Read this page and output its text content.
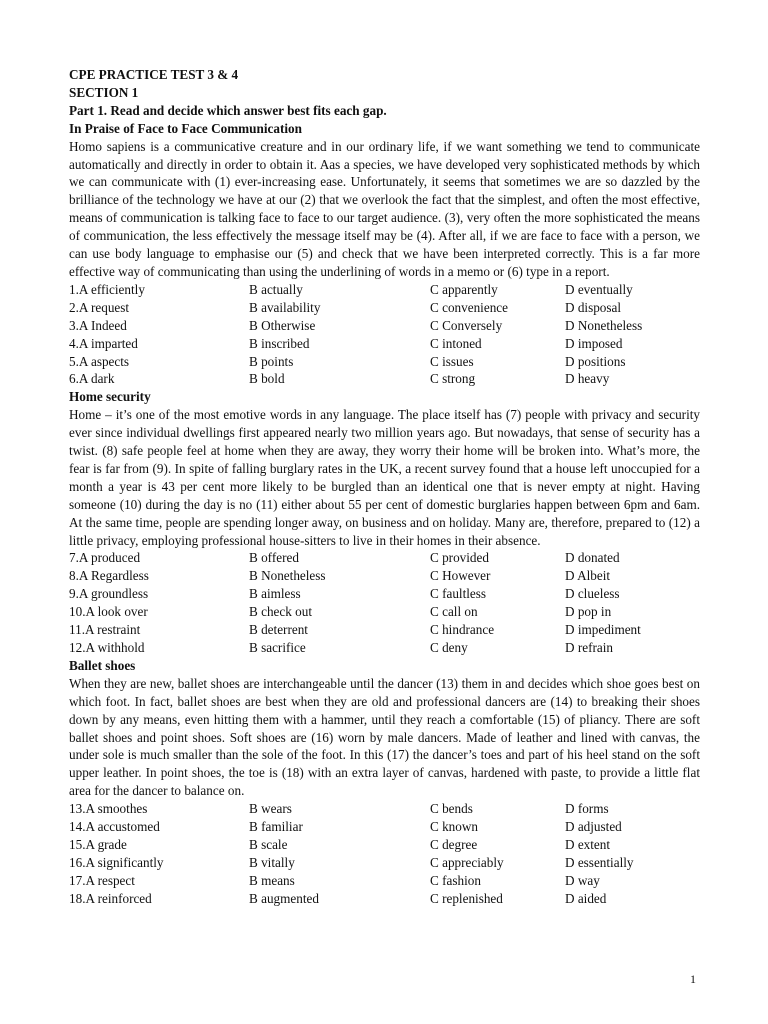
CPE PRACTICE TEST 3 & 4

SECTION 1

Part 1. Read and decide which answer best fits each gap.

In Praise of Face to Face Communication

Homo sapiens is a communicative creature and in our ordinary life, if we want something we tend to communicate automatically and directly in order to obtain it. Aas a species, we have developed very sophisticated methods by which we can communicate with (1) ever-increasing ease. Unfortunately, it seems that sometimes we are so dazzled by the brilliance of the technology we have at our (2) that we overlook the fact that the simplest, and often the most effective, means of communication is talking face to face to our target audience. (3), very often the more sophisticated the means of communication, the less effectively the message itself may be (4). After all, if we are face to face with a person, we can use body language to emphasise our (5) and check that we have been interpreted correctly. This is a far more effective way of communicating than using the underlining of words in a memo or (6) type in a report.

1.A efficiently	B actually	C apparently	D eventually
2.A request	B availability	C convenience	D disposal
3.A Indeed	B Otherwise	C Conversely	D Nonetheless
4.A imparted	B inscribed	C intoned	D imposed
5.A aspects	B points	C issues	D positions
6.A dark	B bold	C strong	D heavy

Home security

Home – it’s one of the most emotive words in any language. The place itself has (7) people with privacy and security ever since individual dwellings first appeared nearly two million years ago. But nowadays, that sense of security has a twist. (8) safe people feel at home when they are away, they worry their home will be broken into. What’s more, the fear is far from (9). In spite of falling burglary rates in the UK, a recent survey found that a house left unoccupied for a month a year is 43 per cent more likely to be burgled than an identical one that is never empty at night. Having someone (10) during the day is no (11) either about 55 per cent of domestic burglaries happen between 6pm and 6am. At the same time, people are spending longer away, on business and on holiday. Many are, therefore, prepared to (12) a little privacy, employing professional house-sitters to live in their homes in their absence.

7.A produced	B offered	C provided	D donated
8.A Regardless	B Nonetheless	C However	D Albeit
9.A groundless	B aimless	C faultless	D clueless
10.A look over	B check out	C call on	D pop in
11.A restraint	B deterrent	C hindrance	D impediment
12.A withhold	B sacrifice	C deny	D refrain

Ballet shoes

When they are new, ballet shoes are interchangeable until the dancer (13) them in and decides which shoe goes best on which foot. In fact, ballet shoes are best when they are old and professional dancers are (14) to breaking their shoes down by any means, even hitting them with a hammer, until they reach a comfortable (15) of pliancy. There are soft ballet shoes and point shoes. Soft shoes are (16) worn by male dancers. Made of leather and lined with canvas, the under sole is much smaller than the sole of the foot. In this (17) the dancer’s toes and part of his heel stand on the soft upper leather. In point shoes, the toe is (18) with an extra layer of canvas, hardened with paste, to provide a little flat area for the dancer to balance on.

13.A smoothes	B wears	C bends	D forms
14.A accustomed	B familiar	C known	D adjusted
15.A grade	B scale	C degree	D extent
16.A significantly	B vitally	C appreciably	D essentially
17.A respect	B means	C fashion	D way
18.A reinforced	B augmented	C replenished	D aided
1
